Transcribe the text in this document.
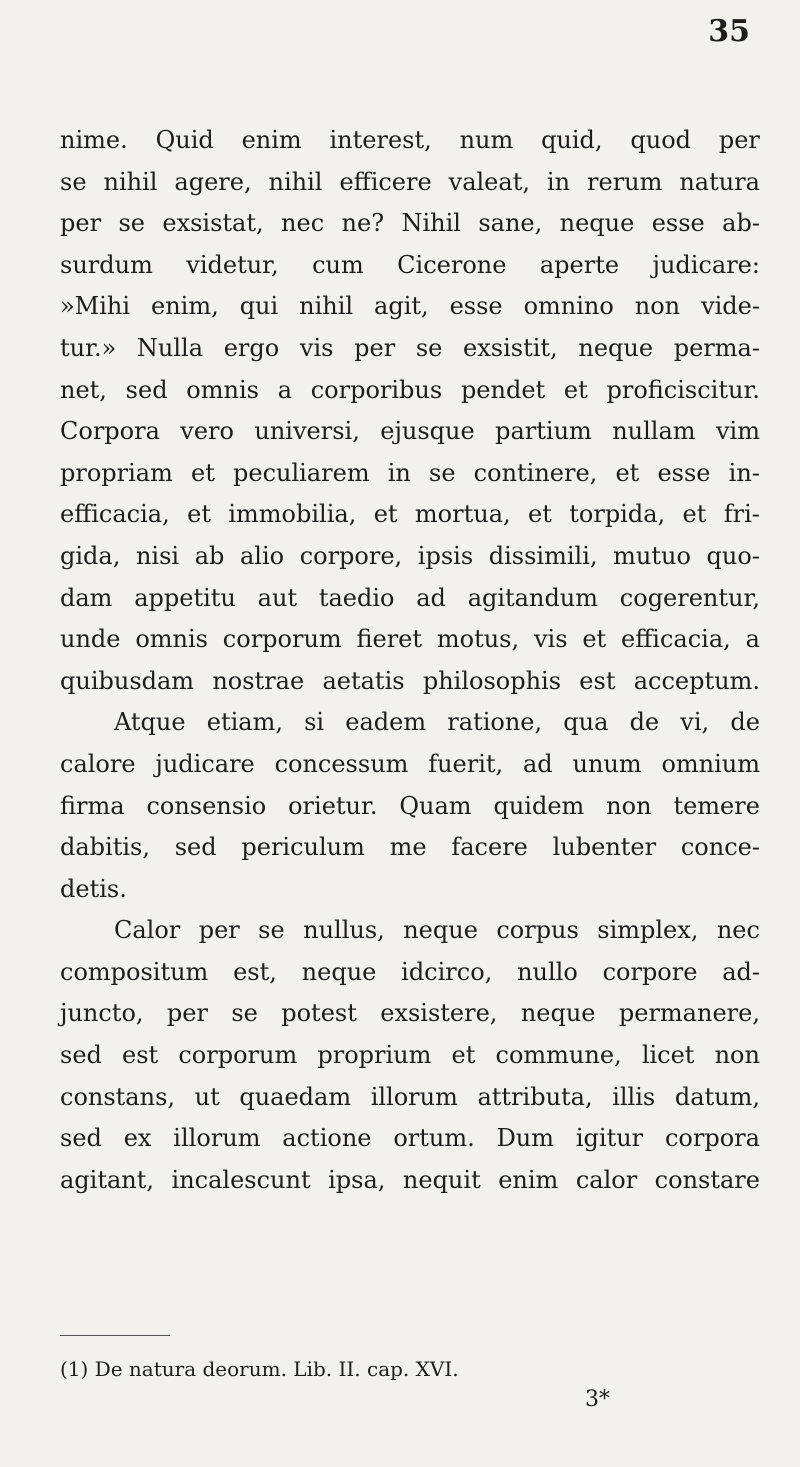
35
nime. Quid enim interest, num quid, quod per
se nihil agere, nihil efficere valeat, in rerum natura
per se exsistat, nec ne? Nihil sane, neque esse ab-
surdum videtur, cum Cicerone aperte judicare:
»Mihi enim, qui nihil agit, esse omnino non vide-
tur.» Nulla ergo vis per se exsistit, neque perma-
net, sed omnis a corporibus pendet et proficiscitur.
Corpora vero universi, ejusque partium nullam vim
propriam et peculiarem in se continere, et esse in-
efficacia, et immobilia, et mortua, et torpida, et fri-
gida, nisi ab alio corpore, ipsis dissimili, mutuo quo-
dam appetitu aut taedio ad agitandum cogerentur,
unde omnis corporum fieret motus, vis et efficacia, a
quibusdam nostrae aetatis philosophis est acceptum.
Atque etiam, si eadem ratione, qua de vi, de
calore judicare concessum fuerit, ad unum omnium
firma consensio orietur. Quam quidem non temere
dabitis, sed periculum me facere lubenter conce-
detis.
Calor per se nullus, neque corpus simplex, nec
compositum est, neque idcirco, nullo corpore ad-
juncto, per se potest exsistere, neque permanere,
sed est corporum proprium et commune, licet non
constans, ut quaedam illorum attributa, illis datum,
sed ex illorum actione ortum. Dum igitur corpora
agitant, incalescunt ipsa, nequit enim calor constare
(1) De natura deorum. Lib. II. cap. XVI.
3*
